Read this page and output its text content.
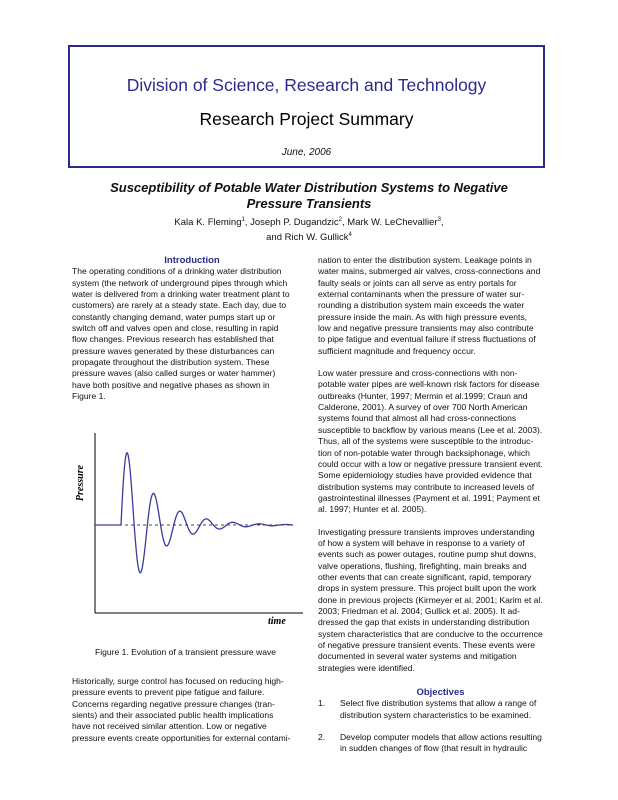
Division of Science, Research and Technology
Research Project Summary
June, 2006
Susceptibility of Potable Water Distribution Systems to Negative
Pressure Transients
Kala K. Fleming$^1$, Joseph P. Dugandzic$^2$, Mark W. LeChevallier$^3$,
and Rich W. Gullick$^4$
Introduction

The operating conditions of a drinking water distribution
system (the network of underground pipes through which
water is delivered from a drinking water treatment plant to
customers) are rarely at a steady state. Each day, due to
constantly changing demand, water pumps start up or
switch off and valves open and close, resulting in rapid
flow changes. Previous research has established that
pressure waves generated by these disturbances can
propagate throughout the distribution system. These
pressure waves (also called surges or water hammer)
have both positive and negative phases as shown in
Figure 1.

Pressure
time
Figure 1. Evolution of a transient pressure wave

Historically, surge control has focused on reducing high-
pressure events to prevent pipe fatigue and failure.
Concerns regarding negative pressure changes (tran-
sients) and their associated public health implications
have not received similar attention. Low or negative
pressure events create opportunities for external contami-

nation to enter the distribution system. Leakage points in
water mains, submerged air valves, cross-connections and
faulty seals or joints can all serve as entry portals for
external contaminants when the pressure of water sur-
rounding a distribution system main exceeds the water
pressure inside the main. As with high pressure events,
low and negative pressure transients may also contribute
to pipe fatigue and eventual failure if stress fluctuations of
sufficient magnitude and frequency occur.

Low water pressure and cross-connections with non-
potable water pipes are well-known risk factors for disease
outbreaks (Hunter, 1997; Mermin et al.1999; Craun and
Calderone, 2001). A survey of over 700 North American
systems found that almost all had cross-connections
susceptible to backflow by various means (Lee et al. 2003).
Thus, all of the systems were susceptible to the introduc-
tion of non-potable water through backsiphonage, which
could occur with a low or negative pressure transient event.
Some epidemiology studies have provided evidence that
distribution systems may contribute to increased levels of
gastrointestinal illnesses (Payment et al. 1991; Payment et
al. 1997; Hunter et al. 2005).

Investigating pressure transients improves understanding
of how a system will behave in response to a variety of
events such as power outages, routine pump shut downs,
valve operations, flushing, firefighting, main breaks and
other events that can create significant, rapid, temporary
drops in system pressure. This project built upon the work
done in previous projects (Kirmeyer et al. 2001; Karim et al.
2003; Friedman et al. 2004; Gullick et al. 2005). It ad-
dressed the gap that exists in understanding distribution
system characteristics that are conducive to the occurrence
of negative pressure transient events. These events were
documented in several water systems and mitigation
strategies were identified.

Objectives
1. Select five distribution systems that allow a range of
distribution system characteristics to be examined.
2. Develop computer models that allow actions resulting
in sudden changes of flow (that result in hydraulic
